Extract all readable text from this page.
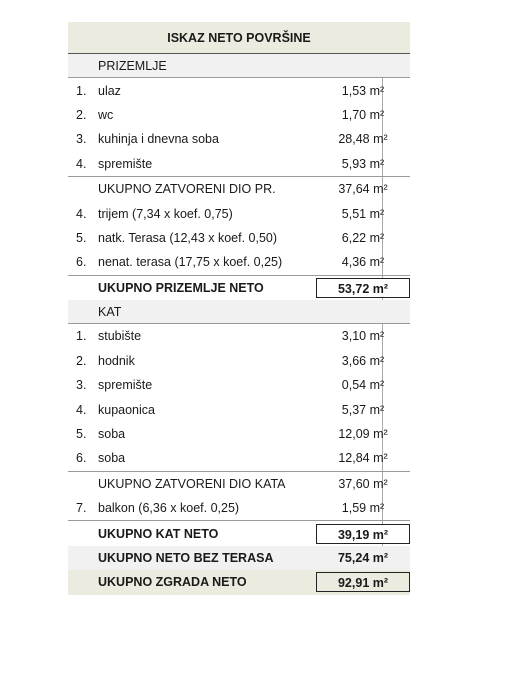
ISKAZ NETO POVRŠINE
PRIZEMLJE
1. ulaz	1,53 m²
2. wc	1,70 m²
3. kuhinja i dnevna soba	28,48 m²
4. spremište	5,93 m²
UKUPNO ZATVORENI DIO PR.	37,64 m²
4. trijem (7,34 x koef. 0,75)	5,51 m²
5. natk. Terasa (12,43 x koef. 0,50)	6,22 m²
6. nenat. terasa (17,75 x koef. 0,25)	4,36 m²
UKUPNO PRIZEMLJE NETO	53,72 m²
KAT
1. stubište	3,10 m²
2. hodnik	3,66 m²
3. spremište	0,54 m²
4. kupaonica	5,37 m²
5. soba	12,09 m²
6. soba	12,84 m²
UKUPNO ZATVORENI DIO KATA	37,60 m²
7. balkon (6,36 x koef. 0,25)	1,59 m²
UKUPNO KAT NETO	39,19 m²
UKUPNO NETO BEZ TERASA	75,24 m²
UKUPNO ZGRADA NETO	92,91 m²
